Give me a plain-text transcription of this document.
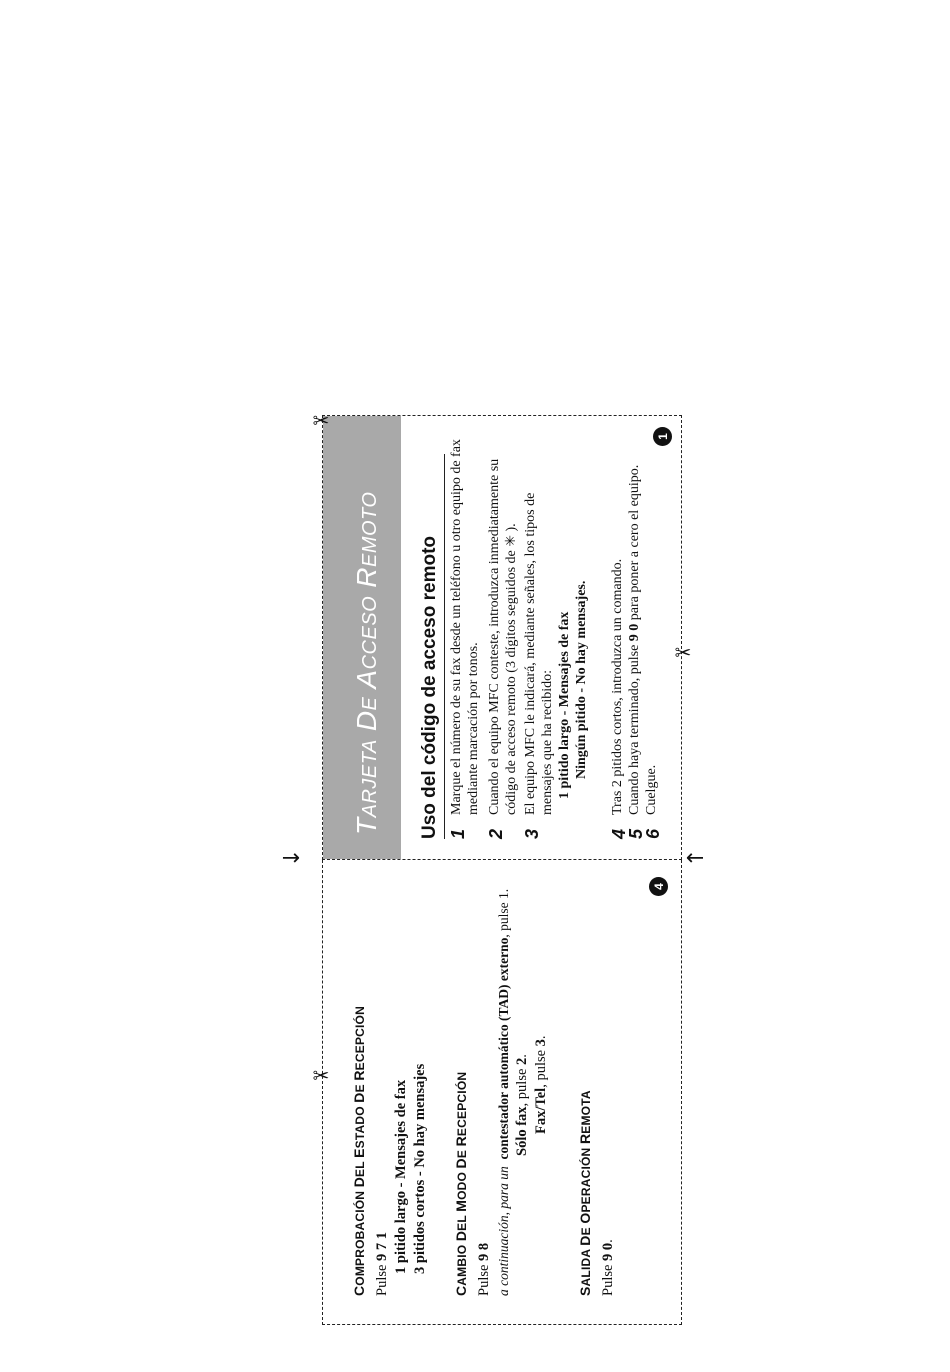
COMPROBACIÓN DEL ESTADO DE RECEPCIÓN
Pulse 9 7 1 1 pitido largo - Mensajes de fax 3 pitidos cortos - No hay mensajes
CAMBIO DEL MODO DE RECEPCIÓN
Pulse 9 8 a continuación, para un  contestador automático (TAD) externo, pulse 1.
Sólo fax, pulse 2.
Fax/Tel, pulse 3.
SALIDA DE OPERACIÓN REMOTA
Pulse 9 0.
4
✂
TARJETA DE ACCESO REMOTO
Uso del código de acceso remoto 1
Marque el número de su fax desde un teléfono u otro equipo de fax mediante marcación por tonos.
2
Cuando el equipo MFC conteste, introduzca inmediatamente su código de acceso remoto (3 dígitos seguidos de ✳ ).
3
El equipo MFC le indicará, mediante señales, los tipos de mensajes que ha recibido: 1 pitido largo - Mensajes de fax Ningún pitido - No hay mensajes.
4
Tras 2 pitidos cortos, introduzca un comando.
5
Cuando haya terminado, pulse 9 0 para poner a cero el equipo.
6
Cuelgue.
1
✂
✂
↓	↑
